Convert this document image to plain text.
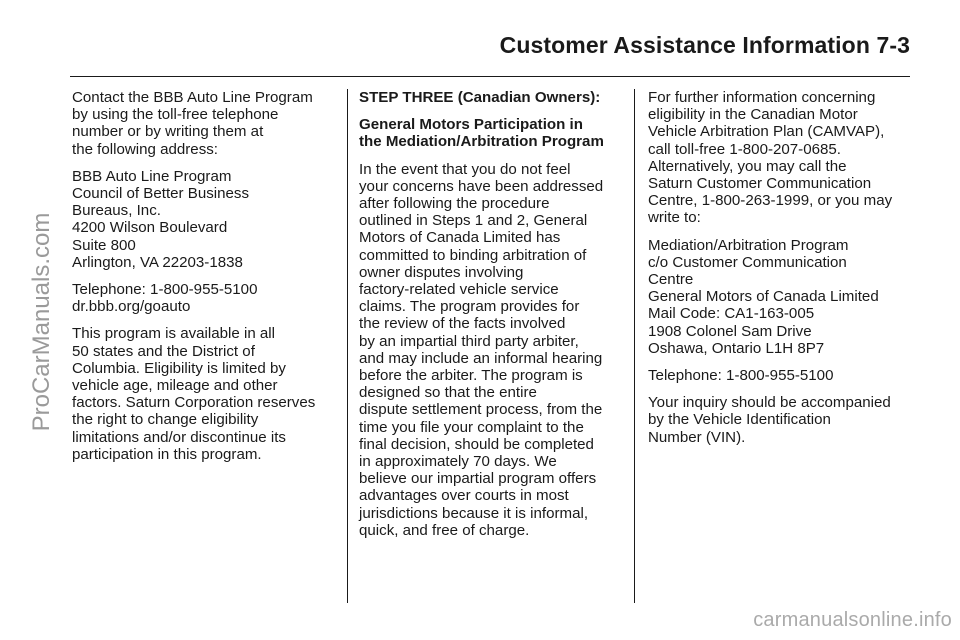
Customer Assistance Information 7-3

Contact the BBB Auto Line Program
by using the toll-free telephone
number or by writing them at
the following address:

BBB Auto Line Program
Council of Better Business
Bureaus, Inc.
4200 Wilson Boulevard
Suite 800
Arlington, VA 22203-1838

Telephone: 1-800-955-5100
dr.bbb.org/goauto

This program is available in all
50 states and the District of
Columbia. Eligibility is limited by
vehicle age, mileage and other
factors. Saturn Corporation reserves
the right to change eligibility
limitations and/or discontinue its
participation in this program.

STEP THREE (Canadian Owners):

General Motors Participation in
the Mediation/Arbitration Program

In the event that you do not feel
your concerns have been addressed
after following the procedure
outlined in Steps 1 and 2, General
Motors of Canada Limited has
committed to binding arbitration of
owner disputes involving
factory-related vehicle service
claims. The program provides for
the review of the facts involved
by an impartial third party arbiter,
and may include an informal hearing
before the arbiter. The program is
designed so that the entire
dispute settlement process, from the
time you file your complaint to the
final decision, should be completed
in approximately 70 days. We
believe our impartial program offers
advantages over courts in most
jurisdictions because it is informal,
quick, and free of charge.

For further information concerning
eligibility in the Canadian Motor
Vehicle Arbitration Plan (CAMVAP),
call toll-free 1-800-207-0685.
Alternatively, you may call the
Saturn Customer Communication
Centre, 1-800-263-1999, or you may
write to:

Mediation/Arbitration Program
c/o Customer Communication
Centre
General Motors of Canada Limited
Mail Code: CA1-163-005
1908 Colonel Sam Drive
Oshawa, Ontario L1H 8P7

Telephone: 1-800-955-5100

Your inquiry should be accompanied
by the Vehicle Identification
Number (VIN).

ProCarManuals.com
carmanualsonline.info
